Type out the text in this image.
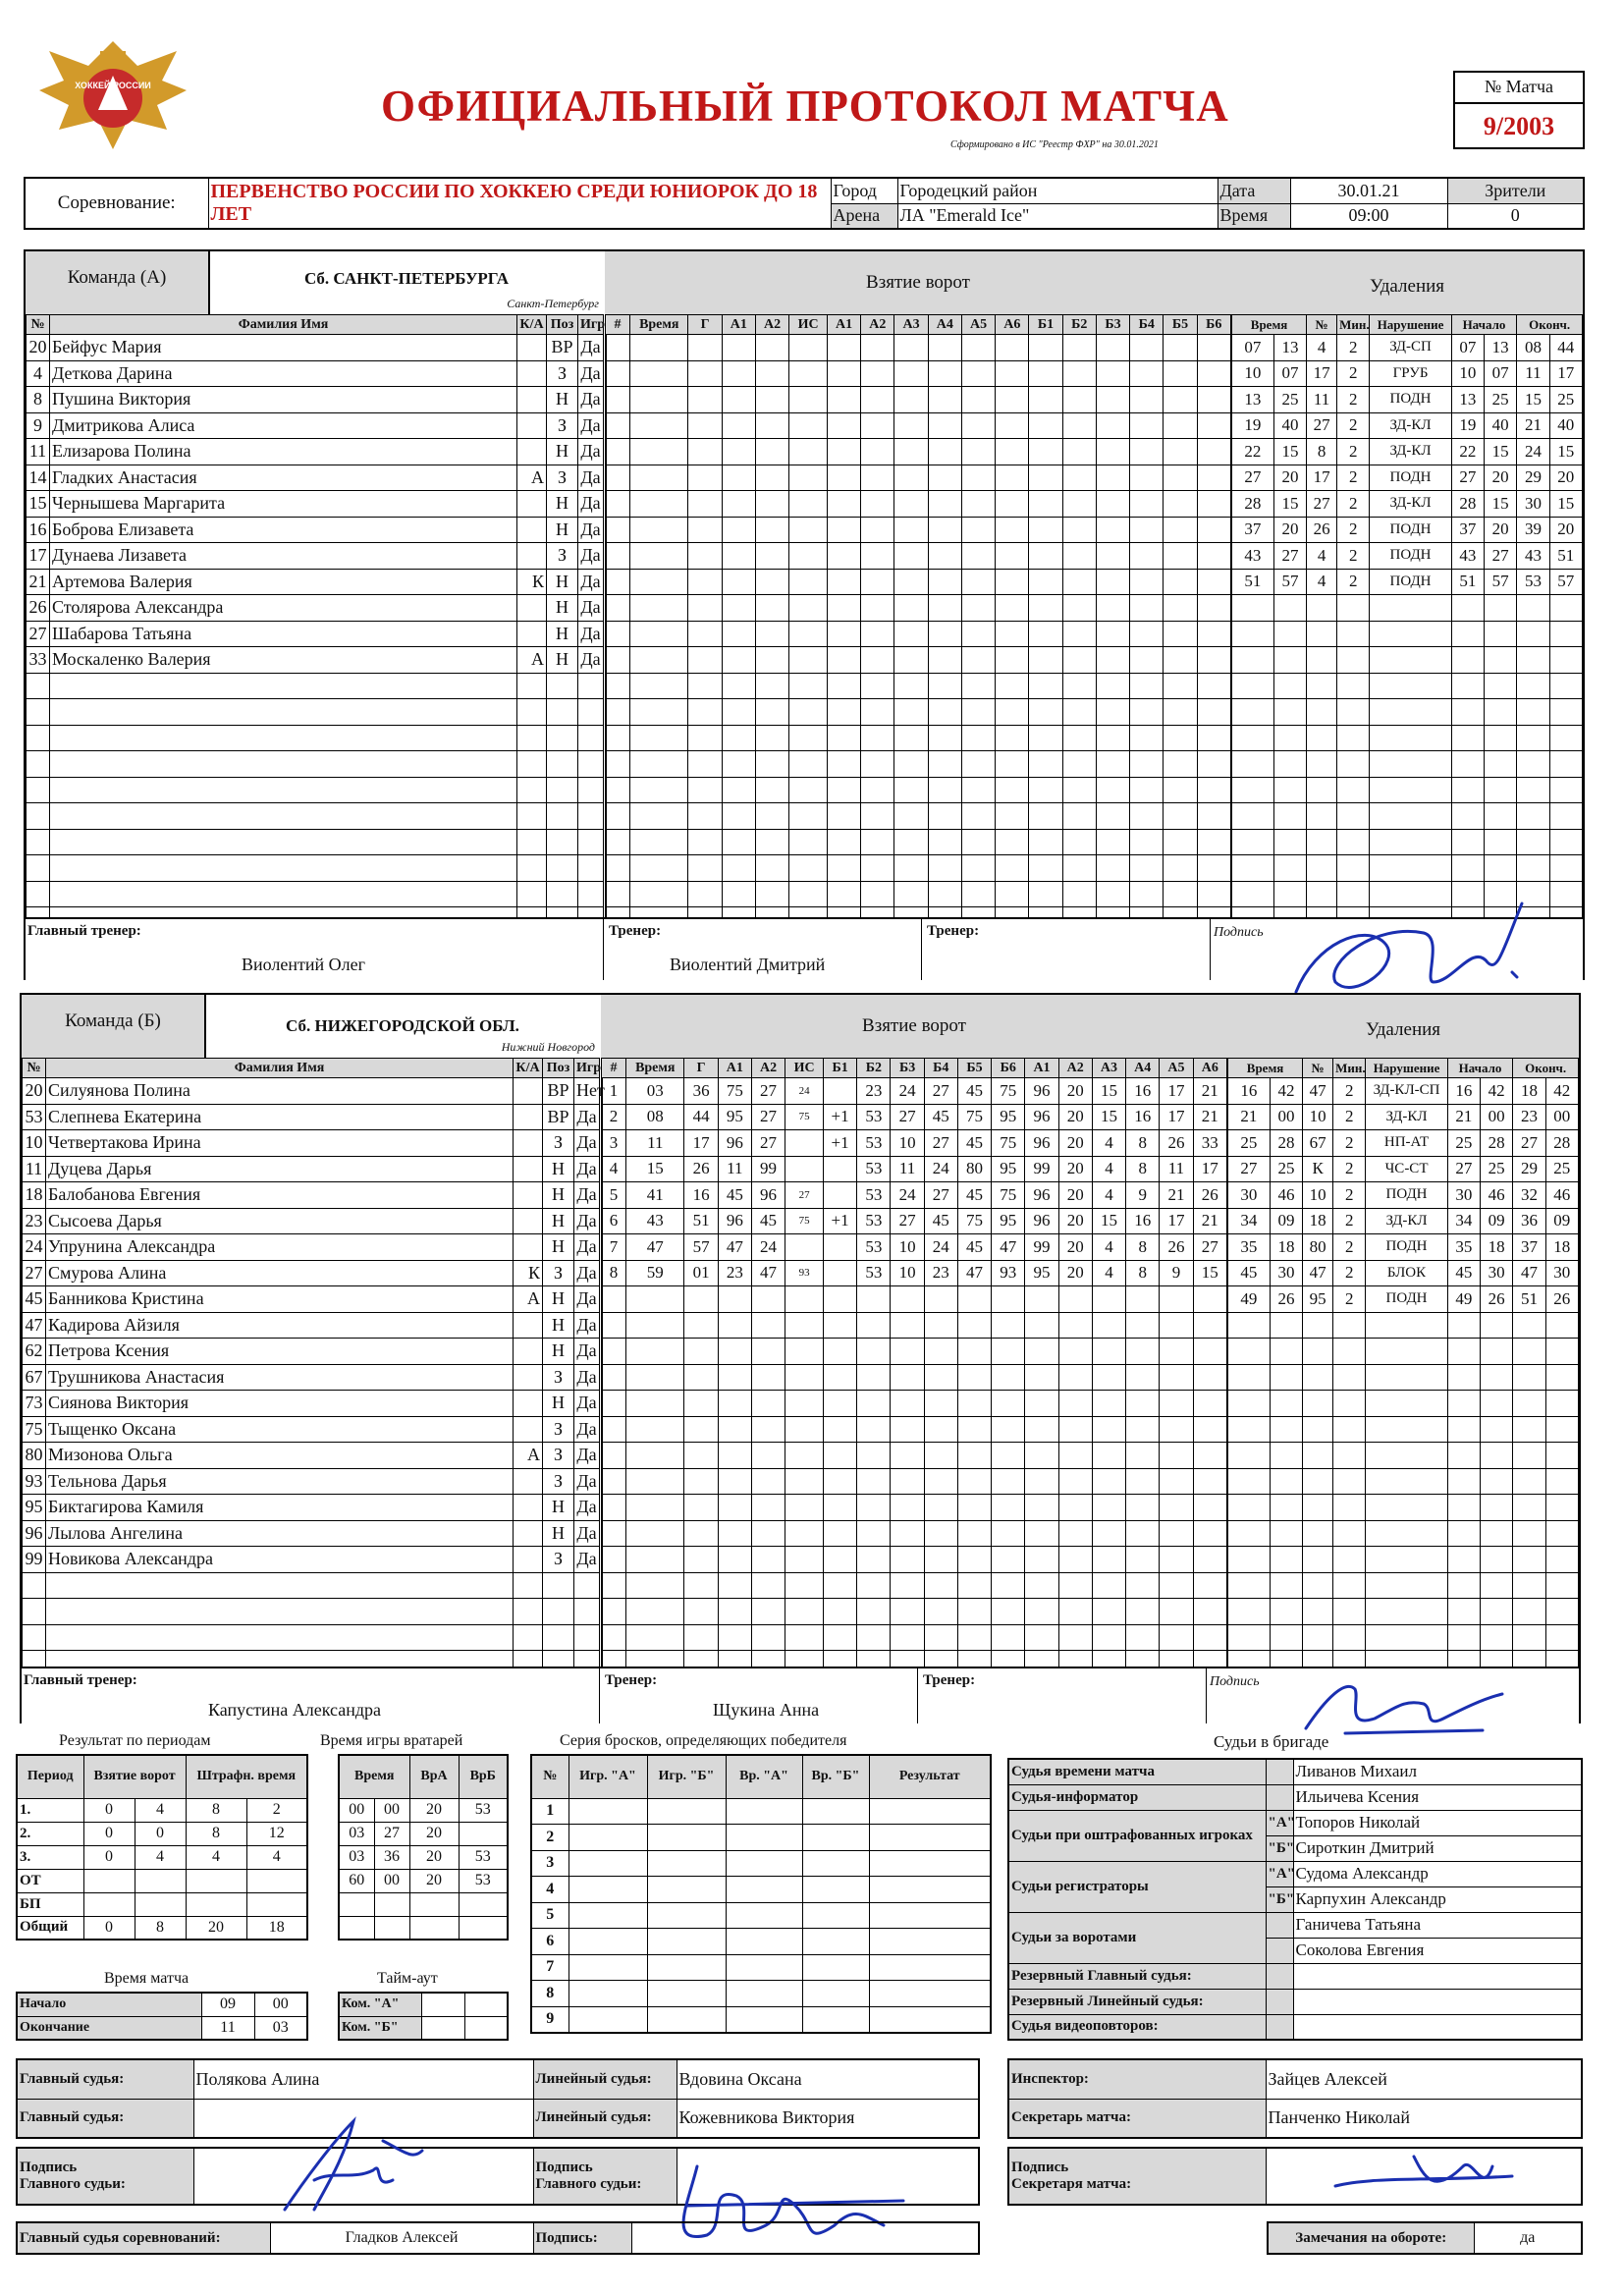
ХОККЕЙ РОССИИ	ОФИЦИАЛЬНЫЙ ПРОТОКОЛ МАТЧА
Сформировано в ИС "Реестр ФХР" на 30.01.2021
№ Матча
9/2003
Соревнование:	ПЕРВЕНСТВО РОССИИ ПО ХОККЕЮ СРЕДИ ЮНИОРОК ДО 18 ЛЕТ	Город	Городецкий район	Дата	30.01.21	Зрители
		Арена	ЛА "Emerald Ice"	Время	09:00	0
Команда (А)	Сб. САНКТ-ПЕТЕРБУРГА
Санкт-Петербург
№	Фамилия Имя	К/А	Поз	Игр
20	Бейфус Мария		ВР	Да
4	Деткова Дарина		З	Да
8	Пушина Виктория		Н	Да
9	Дмитрикова Алиса		З	Да
11	Елизарова Полина		Н	Да
14	Гладких Анастасия	А	З	Да
15	Чернышева Маргарита		Н	Да
16	Боброва Елизавета		Н	Да
17	Дунаева Лизавета		З	Да
21	Артемова Валерия	К	Н	Да
26	Столярова Александра		Н	Да
27	Шабарова Татьяна		Н	Да
33	Москаленко Валерия	А	Н	Да

Взятие ворот
#	Время	Г	А1	А2	ИС	А1	А2	А3	А4	А5	А6	Б1	Б2	Б3	Б4	Б5	Б6

Удаления
Время		№	Мин.	Нарушение	Начало		Оконч.	
07	13	4	2	ЗД-СП	07	13	08	44
10	07	17	2	ГРУБ	10	07	11	17
13	25	11	2	ПОДН	13	25	15	25
19	40	27	2	ЗД-КЛ	19	40	21	40
22	15	8	2	ЗД-КЛ	22	15	24	15
27	20	17	2	ПОДН	27	20	29	20
28	15	27	2	ЗД-КЛ	28	15	30	15
37	20	26	2	ПОДН	37	20	39	20
43	27	4	2	ПОДН	43	27	43	51
51	57	4	2	ПОДН	51	57	53	57

Главный тренер:
Виолентий Олег
Тренер:
Виолентий Дмитрий
Тренер:	Подпись
Команда (Б)	Сб. НИЖЕГОРОДСКОЙ ОБЛ.
Нижний Новгород
№	Фамилия Имя	К/А	Поз	Игр
20	Силуянова Полина		ВР	Нет
53	Слепнева Екатерина		ВР	Да
10	Четвертакова Ирина		З	Да
11	Дуцева Дарья		Н	Да
18	Балобанова Евгения		Н	Да
23	Сысоева Дарья		Н	Да
24	Упрунина Александра		Н	Да
27	Смурова Алина	К	З	Да
45	Банникова Кристина	А	Н	Да
47	Кадирова Айзиля		Н	Да
62	Петрова Ксения		Н	Да
67	Трушникова Анастасия		З	Да
73	Сиянова Виктория		Н	Да
75	Тыщенко Оксана		З	Да
80	Мизонова Ольга	А	З	Да
93	Тельнова Дарья		З	Да
95	Биктагирова Камиля		Н	Да
96	Лылова Ангелина		Н	Да
99	Новикова Александра		З	Да

Взятие ворот
#	Время	Г	А1	А2	ИС	Б1	Б2	Б3	Б4	Б5	Б6	А1	А2	А3	А4	А5	А6
1	03	36	75	27	24		23	24	27	45	75	96	20	15	16	17	21
2	08	44	95	27	75	+1	53	27	45	75	95	96	20	15	16	17	21
3	11	17	96	27		+1	53	10	27	45	75	96	20	4	8	26	33
4	15	26	11	99			53	11	24	80	95	99	20	4	8	11	17
5	41	16	45	96	27		53	24	27	45	75	96	20	4	9	21	26
6	43	51	96	45	75	+1	53	27	45	75	95	96	20	15	16	17	21
7	47	57	47	24			53	10	24	45	47	99	20	4	8	26	27
8	59	01	23	47	93		53	10	23	47	93	95	20	4	8	9	15

Удаления
Время		№	Мин.	Нарушение	Начало		Оконч.	
16	42	47	2	ЗД-КЛ-СП	16	42	18	42
21	00	10	2	ЗД-КЛ	21	00	23	00
25	28	67	2	НП-АТ	25	28	27	28
27	25	К	2	ЧС-СТ	27	25	29	25
30	46	10	2	ПОДН	30	46	32	46
34	09	18	2	ЗД-КЛ	34	09	36	09
35	18	80	2	ПОДН	35	18	37	18
45	30	47	2	БЛОК	45	30	47	30
49	26	95	2	ПОДН	49	26	51	26

Главный тренер:
Капустина Александра
Тренер:
Щукина Анна
Тренер:	Подпись
Результат по периодам
Период	Взятие ворот		Штрафн. время	
1.	0	4	8	2
2.	0	0	8	12
3.	0	4	4	4
ОТ				
БП				
Общий	0	8	20	18
Время игры вратарей
Время		ВрА	ВрБ
00	00	20	53
03	27	20	
03	36	20	53
60	00	20	53

Время матча
Начало	09	00
Окончание	11	03
Тайм-аут
Ком. "А"		
Ком. "Б"		
Серия бросков, определяющих победителя
№	Игр. "А"	Игр. "Б"	Вр. "А"	Вр. "Б"	Результат
1					
2					
3					
4					
5					
6					
7					
8					
9					
Судьи в бригаде
Судья времени матча		Ливанов Михаил
Судья-информатор		Ильичева Ксения
Судьи при оштрафованных игроках	"А"	Топоров Николай
	"Б"	Сироткин Дмитрий
Судьи регистраторы	"А"	Судома Александр
	"Б"	Карпухин Александр
Судьи за воротами		Ганичева Татьяна
		Соколова Евгения
Резервный Главный судья:		
Резервный Линейный судья:		
Судья видеоповторов:		
Главный судья:	Полякова Алина	Линейный судья:	Вдовина Оксана
Главный судья:		Линейный судья:	Кожевникова Виктория
Инспектор:	Зайцев Алексей
Секретарь матча:	Панченко Николай
Подпись
Главного судьи:

Подпись
Главного судьи:

Подпись
Секретаря матча:

Главный судья соревнований:	Гладков Алексей	Подпись:		Замечания на обороте:	да
